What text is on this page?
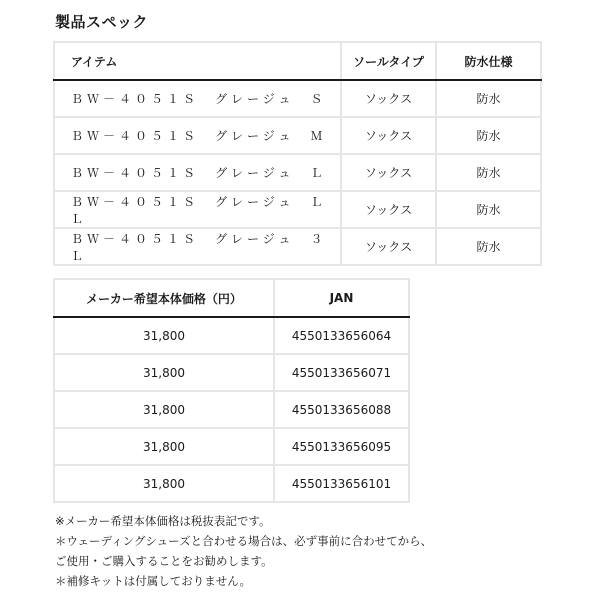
製品スペック
アイテム	ソールタイプ	防水仕様
ＢＷ－４０５１Ｓ　グレージュ　Ｓ	ソックス	防水
ＢＷ－４０５１Ｓ　グレージュ　Ｍ	ソックス	防水
ＢＷ－４０５１Ｓ　グレージュ　Ｌ	ソックス	防水
ＢＷ－４０５１Ｓ　グレージュ　ＬＬ	ソックス	防水
ＢＷ－４０５１Ｓ　グレージュ　３Ｌ	ソックス	防水
メーカー希望本体価格（円）	JAN
31,800	4550133656064
31,800	4550133656071
31,800	4550133656088
31,800	4550133656095
31,800	4550133656101
※メーカー希望本体価格は税抜表記です。
＊ウェーディングシューズと合わせる場合は、必ず事前に合わせてから、
ご使用・ご購入することをお勧めします。
＊補修キットは付属しておりません。
